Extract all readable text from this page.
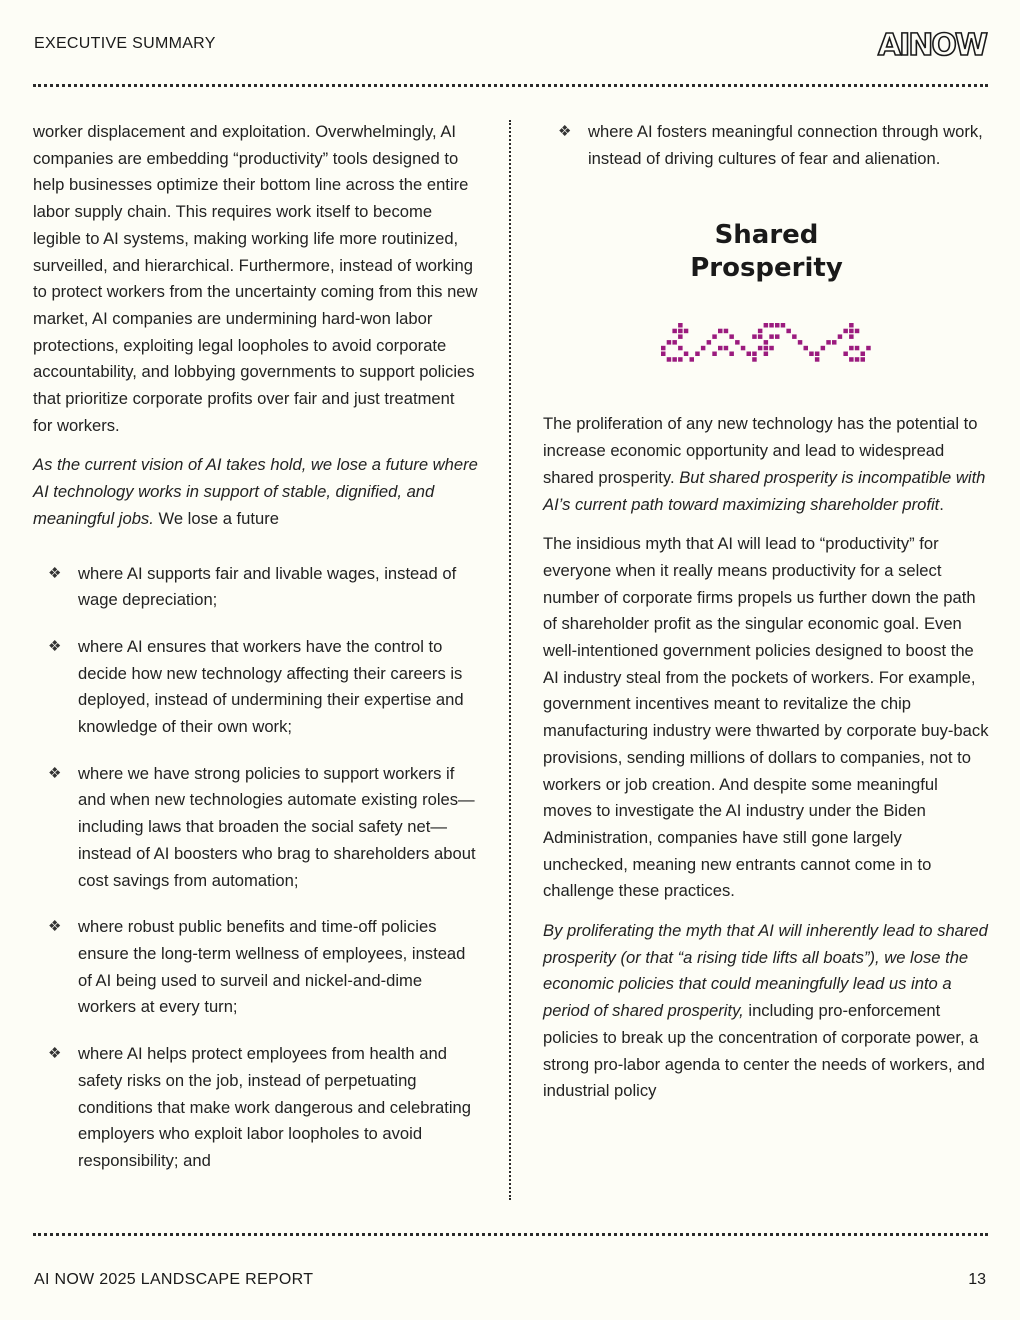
EXECUTIVE SUMMARY	AINOW

worker displacement and exploitation. Overwhelmingly, AI companies are embedding “productivity” tools designed to help businesses optimize their bottom line across the entire labor supply chain. This requires work itself to become legible to AI systems, making working life more routinized, surveilled, and hierarchical. Furthermore, instead of working to protect workers from the uncertainty coming from this new market, AI companies are undermining hard-won labor protections, exploiting legal loopholes to avoid corporate accountability, and lobbying governments to support policies that prioritize corporate profits over fair and just treatment for workers.

As the current vision of AI takes hold, we lose a future where AI technology works in support of stable, dignified, and meaningful jobs. We lose a future

❖ where AI supports fair and livable wages, instead of wage depreciation;
❖ where AI ensures that workers have the control to decide how new technology affecting their careers is deployed, instead of undermining their expertise and knowledge of their own work;
❖ where we have strong policies to support workers if and when new technologies automate existing roles—including laws that broaden the social safety net—instead of AI boosters who brag to shareholders about cost savings from automation;
❖ where robust public benefits and time-off policies ensure the long-term wellness of employees, instead of AI being used to surveil and nickel-and-dime workers at every turn;
❖ where AI helps protect employees from health and safety risks on the job, instead of perpetuating conditions that make work dangerous and celebrating employers who exploit labor loopholes to avoid responsibility; and
❖ where AI fosters meaningful connection through work, instead of driving cultures of fear and alienation.
Shared
Prosperity

The proliferation of any new technology has the potential to increase economic opportunity and lead to widespread shared prosperity. But shared prosperity is incompatible with AI’s current path toward maximizing shareholder profit.

The insidious myth that AI will lead to “productivity” for everyone when it really means productivity for a select number of corporate firms propels us further down the path of shareholder profit as the singular economic goal. Even well-intentioned government policies designed to boost the AI industry steal from the pockets of workers. For example, government incentives meant to revitalize the chip manufacturing industry were thwarted by corporate buy-back provisions, sending millions of dollars to companies, not to workers or job creation. And despite some meaningful moves to investigate the AI industry under the Biden Administration, companies have still gone largely unchecked, meaning new entrants cannot come in to challenge these practices.

By proliferating the myth that AI will inherently lead to shared prosperity (or that “a rising tide lifts all boats”), we lose the economic policies that could meaningfully lead us into a period of shared prosperity, including pro-enforcement policies to break up the concentration of corporate power, a strong pro-labor agenda to center the needs of workers, and industrial policy

AI NOW 2025 LANDSCAPE REPORT	13
